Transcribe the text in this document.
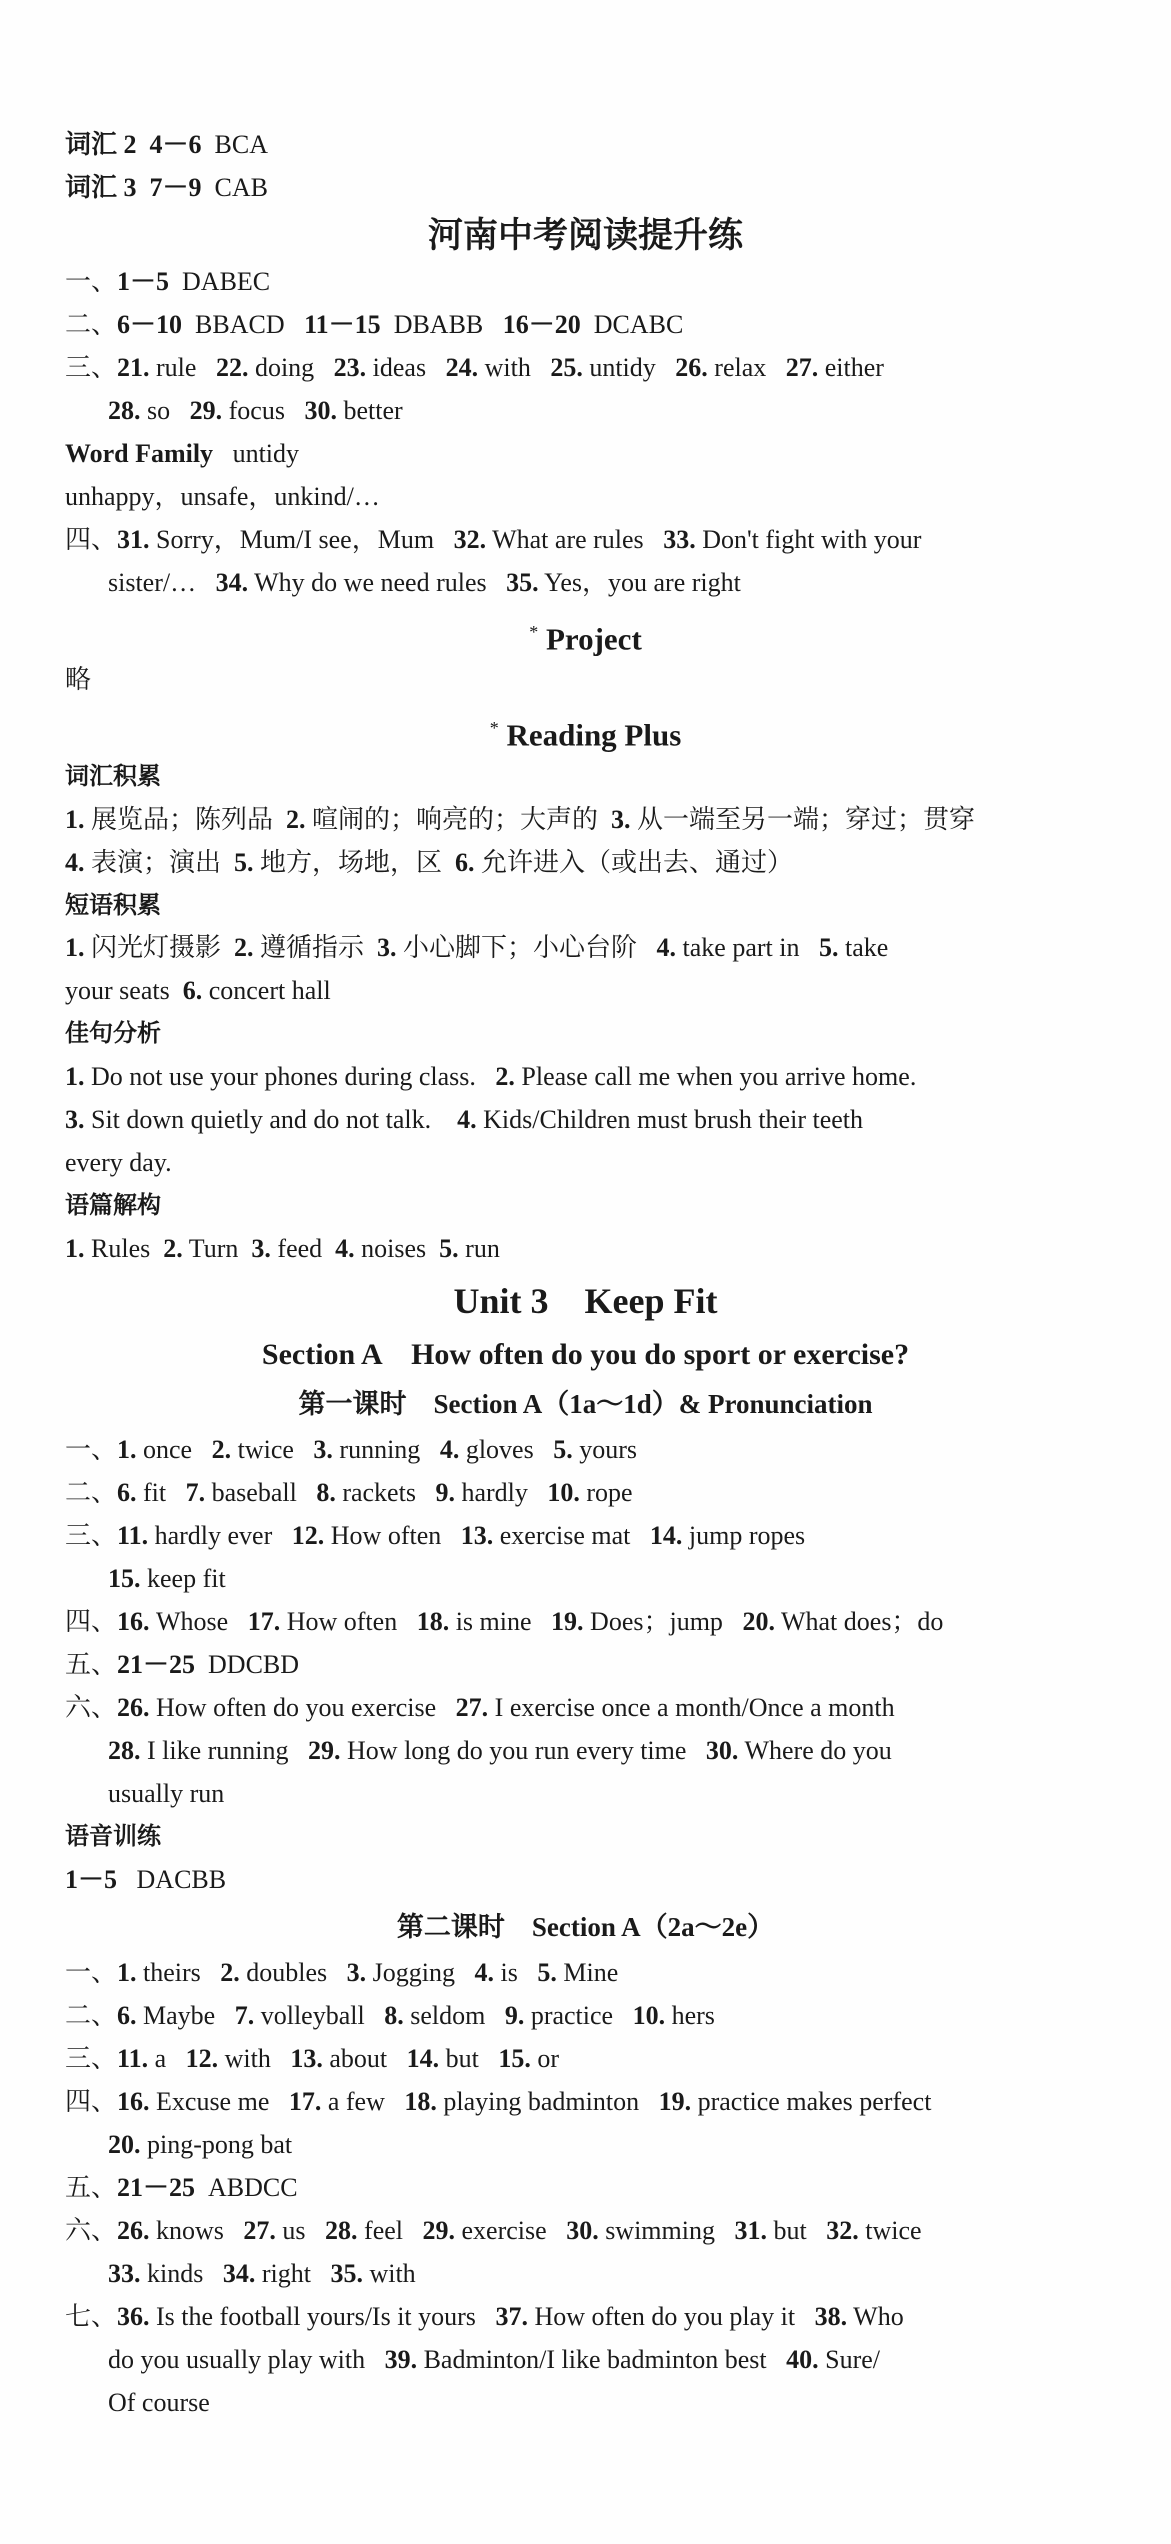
词汇 2 4－6 BCA
词汇 3 7－9 CAB
河南中考阅读提升练
一、1－5 DABEC
二、6－10 BBACD 11－15 DBABB 16－20 DCABC
三、21. rule 22. doing 23. ideas 24. with 25. untidy 26. relax 27. either
28. so 29. focus 30. better
Word Family untidy
unhappy，unsafe，unkind/…
四、31. Sorry，Mum/I see，Mum 32. What are rules 33. Don't fight with your
sister/… 34. Why do we need rules 35. Yes，you are right
* Project
略
* Reading Plus
词汇积累
1. 展览品；陈列品 2. 喧闹的；响亮的；大声的 3. 从一端至另一端；穿过；贯穿
4. 表演；演出 5. 地方，场地，区 6. 允许进入（或出去、通过）
短语积累
1. 闪光灯摄影 2. 遵循指示 3. 小心脚下；小心台阶 4. take part in 5. take
your seats 6. concert hall
佳句分析
1. Do not use your phones during class. 2. Please call me when you arrive home.
3. Sit down quietly and do not talk. 4. Kids/Children must brush their teeth
every day.
语篇解构
1. Rules 2. Turn 3. feed 4. noises 5. run
Unit 3　Keep Fit
Section A　How often do you do sport or exercise?
第一课时　Section A（1a～1d）& Pronunciation
一、1. once 2. twice 3. running 4. gloves 5. yours
二、6. fit 7. baseball 8. rackets 9. hardly 10. rope
三、11. hardly ever 12. How often 13. exercise mat 14. jump ropes
15. keep fit
四、16. Whose 17. How often 18. is mine 19. Does；jump 20. What does；do
五、21－25 DDCBD
六、26. How often do you exercise 27. I exercise once a month/Once a month
28. I like running 29. How long do you run every time 30. Where do you
usually run
语音训练
1－5 DACBB
第二课时　Section A（2a～2e）
一、1. theirs 2. doubles 3. Jogging 4. is 5. Mine
二、6. Maybe 7. volleyball 8. seldom 9. practice 10. hers
三、11. a 12. with 13. about 14. but 15. or
四、16. Excuse me 17. a few 18. playing badminton 19. practice makes perfect
20. ping-pong bat
五、21－25 ABDCC
六、26. knows 27. us 28. feel 29. exercise 30. swimming 31. but 32. twice
33. kinds 34. right 35. with
七、36. Is the football yours/Is it yours 37. How often do you play it 38. Who
do you usually play with 39. Badminton/I like badminton best 40. Sure/
Of course
